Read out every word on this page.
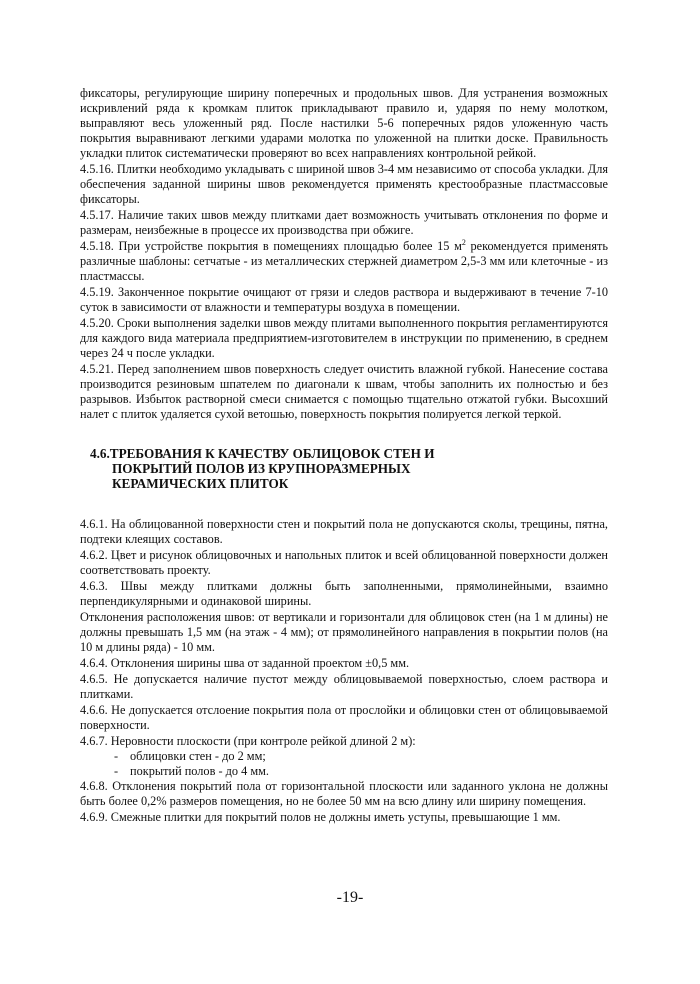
фиксаторы, регулирующие ширину поперечных и продольных швов. Для устранения возможных искривлений ряда к кромкам плиток прикладывают правило и, ударяя по нему молотком, выправляют весь уложенный ряд. После настилки 5-6 поперечных рядов уложенную часть покрытия выравнивают легкими ударами молотка по уложенной на плитки доске. Правильность укладки плиток систематически проверяют во всех направлениях контрольной рейкой.

4.5.16. Плитки необходимо укладывать с шириной швов 3-4 мм независимо от способа укладки. Для обеспечения заданной ширины швов рекомендуется применять крестообразные пластмассовые фиксаторы.

4.5.17. Наличие таких швов между плитками дает возможность учитывать отклонения по форме и размерам, неизбежные в процессе их производства при обжиге.

4.5.18. При устройстве покрытия в помещениях площадью более 15 $м^2$ рекомендуется применять различные шаблоны: сетчатые - из металлических стержней диаметром 2,5-3 мм или клеточные - из пластмассы.

4.5.19. Законченное покрытие очищают от грязи и следов раствора и выдерживают в течение 7-10 суток в зависимости от влажности и температуры воздуха в помещении.

4.5.20. Сроки выполнения заделки швов между плитами выполненного покрытия регламентируются для каждого вида материала предприятием-изготовителем в инструкции по применению, в среднем через 24 ч после укладки.

4.5.21. Перед заполнением швов поверхность следует очистить влажной губкой. Нанесение состава производится резиновым шпателем по диагонали к швам, чтобы заполнить их полностью и без разрывов. Избыток растворной смеси снимается с помощью тщательно отжатой губки. Высохший налет с плиток удаляется сухой ветошью, поверхность покрытия полируется легкой теркой.

4.6.ТРЕБОВАНИЯ К КАЧЕСТВУ ОБЛИЦОВОК СТЕН И
ПОКРЫТИЙ ПОЛОВ ИЗ КРУПНОРАЗМЕРНЫХ
КЕРАМИЧЕСКИХ ПЛИТОК

4.6.1. На облицованной поверхности стен и покрытий пола не допускаются сколы, трещины, пятна, подтеки клеящих составов.

4.6.2. Цвет и рисунок облицовочных и напольных плиток и всей облицованной поверхности должен соответствовать проекту.

4.6.3. Швы между плитками должны быть заполненными, прямолинейными, взаимно перпендикулярными и одинаковой ширины.

Отклонения расположения швов: от вертикали и горизонтали для облицовок стен (на 1 м длины) не должны превышать 1,5 мм (на этаж - 4 мм); от прямолинейного направления в покрытии полов (на 10 м длины ряда) - 10 мм.

4.6.4. Отклонения ширины шва от заданной проектом ±0,5 мм.

4.6.5. Не допускается наличие пустот между облицовываемой поверхностью, слоем раствора и плитками.

4.6.6. Не допускается отслоение покрытия пола от прослойки и облицовки стен от облицовываемой поверхности.

4.6.7. Неровности плоскости (при контроле рейкой длиной 2 м):

- облицовки стен - до 2 мм;
- покрытий полов - до 4 мм.

4.6.8. Отклонения покрытий пола от горизонтальной плоскости или заданного уклона не должны быть более 0,2% размеров помещения, но не более 50 мм на всю длину или ширину помещения.

4.6.9. Смежные плитки для покрытий полов не должны иметь уступы, превышающие 1 мм.

-19-
